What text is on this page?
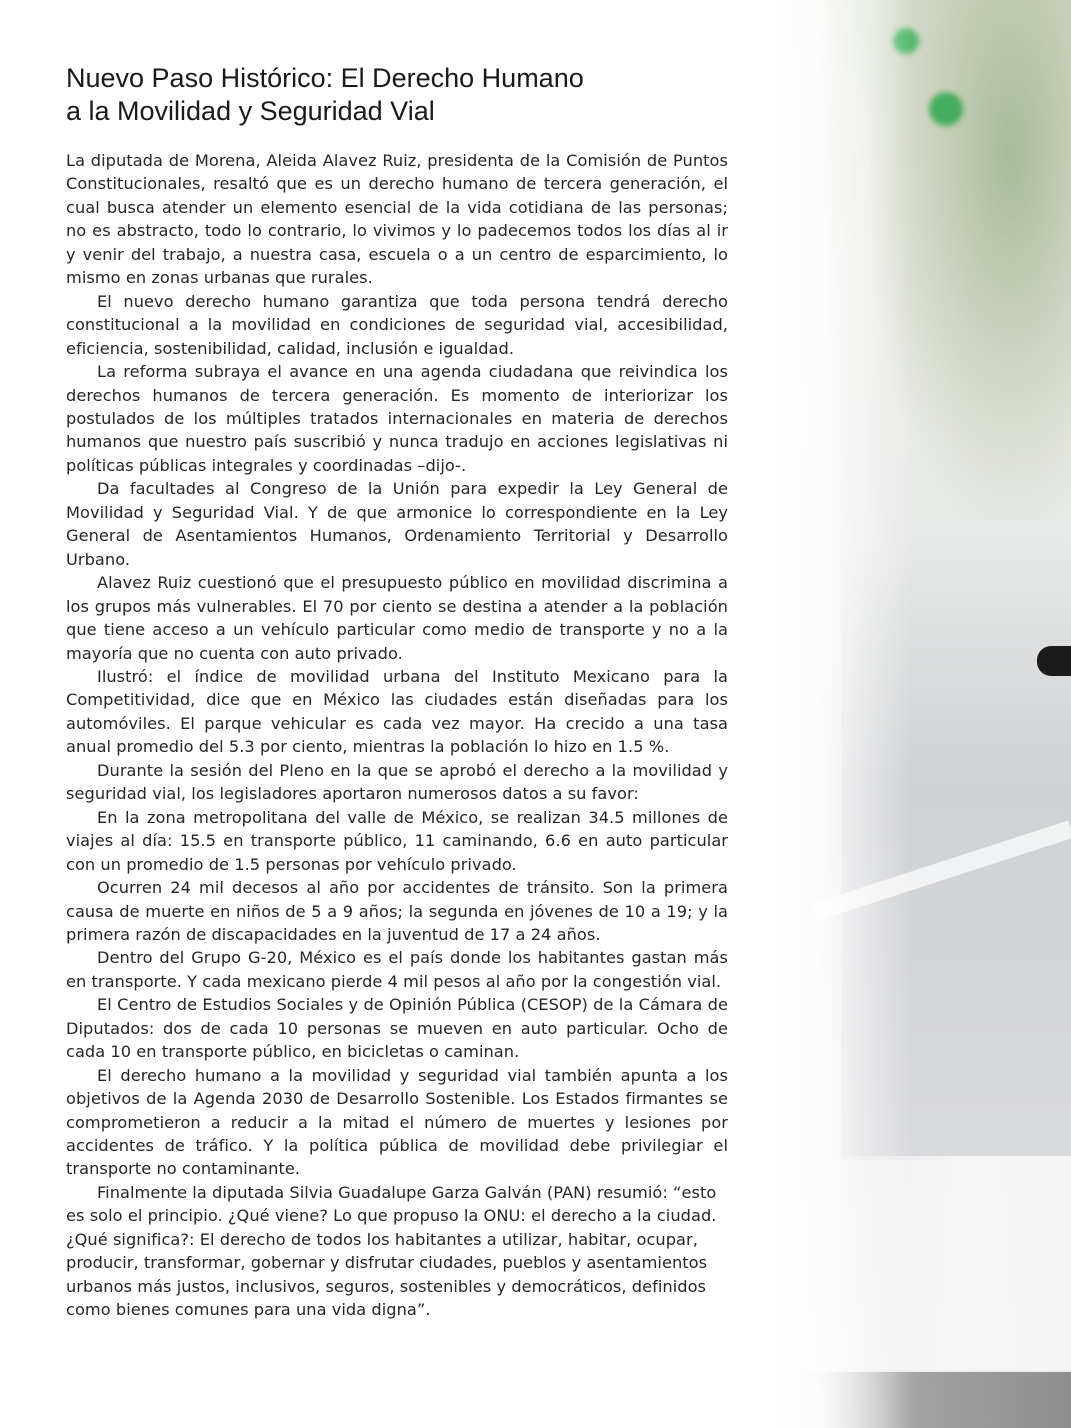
Nuevo Paso Histórico: El Derecho Humano
a la Movilidad y Seguridad Vial

La diputada de Morena, Aleida Alavez Ruiz, presidenta de la Comisión de Puntos Constitucionales, resaltó que es un derecho humano de tercera generación, el cual busca atender un elemento esencial de la vida cotidiana de las personas; no es abstracto, todo lo contrario, lo vivimos y lo padecemos todos los días al ir y venir del trabajo, a nuestra casa, escuela o a un centro de esparcimiento, lo mismo en zonas urbanas que rurales.

El nuevo derecho humano garantiza que toda persona tendrá derecho constitucional a la movilidad en condiciones de seguridad vial, accesibilidad, eficiencia, sostenibilidad, calidad, inclusión e igualdad.

La reforma subraya el avance en una agenda ciudadana que reivindica los derechos humanos de tercera generación. Es momento de interiorizar los postulados de los múltiples tratados internacionales en materia de derechos humanos que nuestro país suscribió y nunca tradujo en acciones legislativas ni políticas públicas integrales y coordinadas –dijo-.

Da facultades al Congreso de la Unión para expedir la Ley General de Movilidad y Seguridad Vial. Y de que armonice lo correspondiente en la Ley General de Asentamientos Humanos, Ordenamiento Territorial y Desarrollo Urbano.

Alavez Ruiz cuestionó que el presupuesto público en movilidad discrimina a los grupos más vulnerables. El 70 por ciento se destina a atender a la población que tiene acceso a un vehículo particular como medio de transporte y no a la mayoría que no cuenta con auto privado.

Ilustró: el índice de movilidad urbana del Instituto Mexicano para la Competitividad, dice que en México las ciudades están diseñadas para los automóviles. El parque vehicular es cada vez mayor. Ha crecido a una tasa anual promedio del 5.3 por ciento, mientras la población lo hizo en 1.5 %.

Durante la sesión del Pleno en la que se aprobó el derecho a la movilidad y seguridad vial, los legisladores aportaron numerosos datos a su favor:

En la zona metropolitana del valle de México, se realizan 34.5 millones de viajes al día: 15.5 en transporte público, 11 caminando, 6.6 en auto particular con un promedio de 1.5 personas por vehículo privado.

Ocurren 24 mil decesos al año por accidentes de tránsito. Son la primera causa de muerte en niños de 5 a 9 años; la segunda en jóvenes de 10 a 19; y la primera razón de discapacidades en la juventud de 17 a 24 años.

Dentro del Grupo G-20, México es el país donde los habitantes gastan más en transporte. Y cada mexicano pierde 4 mil pesos al año por la congestión vial.

El Centro de Estudios Sociales y de Opinión Pública (CESOP) de la Cámara de Diputados: dos de cada 10 personas se mueven en auto particular. Ocho de cada 10 en transporte público, en bicicletas o caminan.

El derecho humano a la movilidad y seguridad vial también apunta a los objetivos de la Agenda 2030 de Desarrollo Sostenible. Los Estados firmantes se comprometieron a reducir a la mitad el número de muertes y lesiones por accidentes de tráfico. Y la política pública de movilidad debe privilegiar el transporte no contaminante.

Finalmente la diputada Silvia Guadalupe Garza Galván (PAN) resumió: “esto es solo el principio. ¿Qué viene? Lo que propuso la ONU: el derecho a la ciudad. ¿Qué significa?: El derecho de todos los habitantes a utilizar, habitar, ocupar, producir, transformar, gobernar y disfrutar ciudades, pueblos y asentamientos urbanos más justos, inclusivos, seguros, sostenibles y democráticos, definidos como bienes comunes para una vida digna”.
